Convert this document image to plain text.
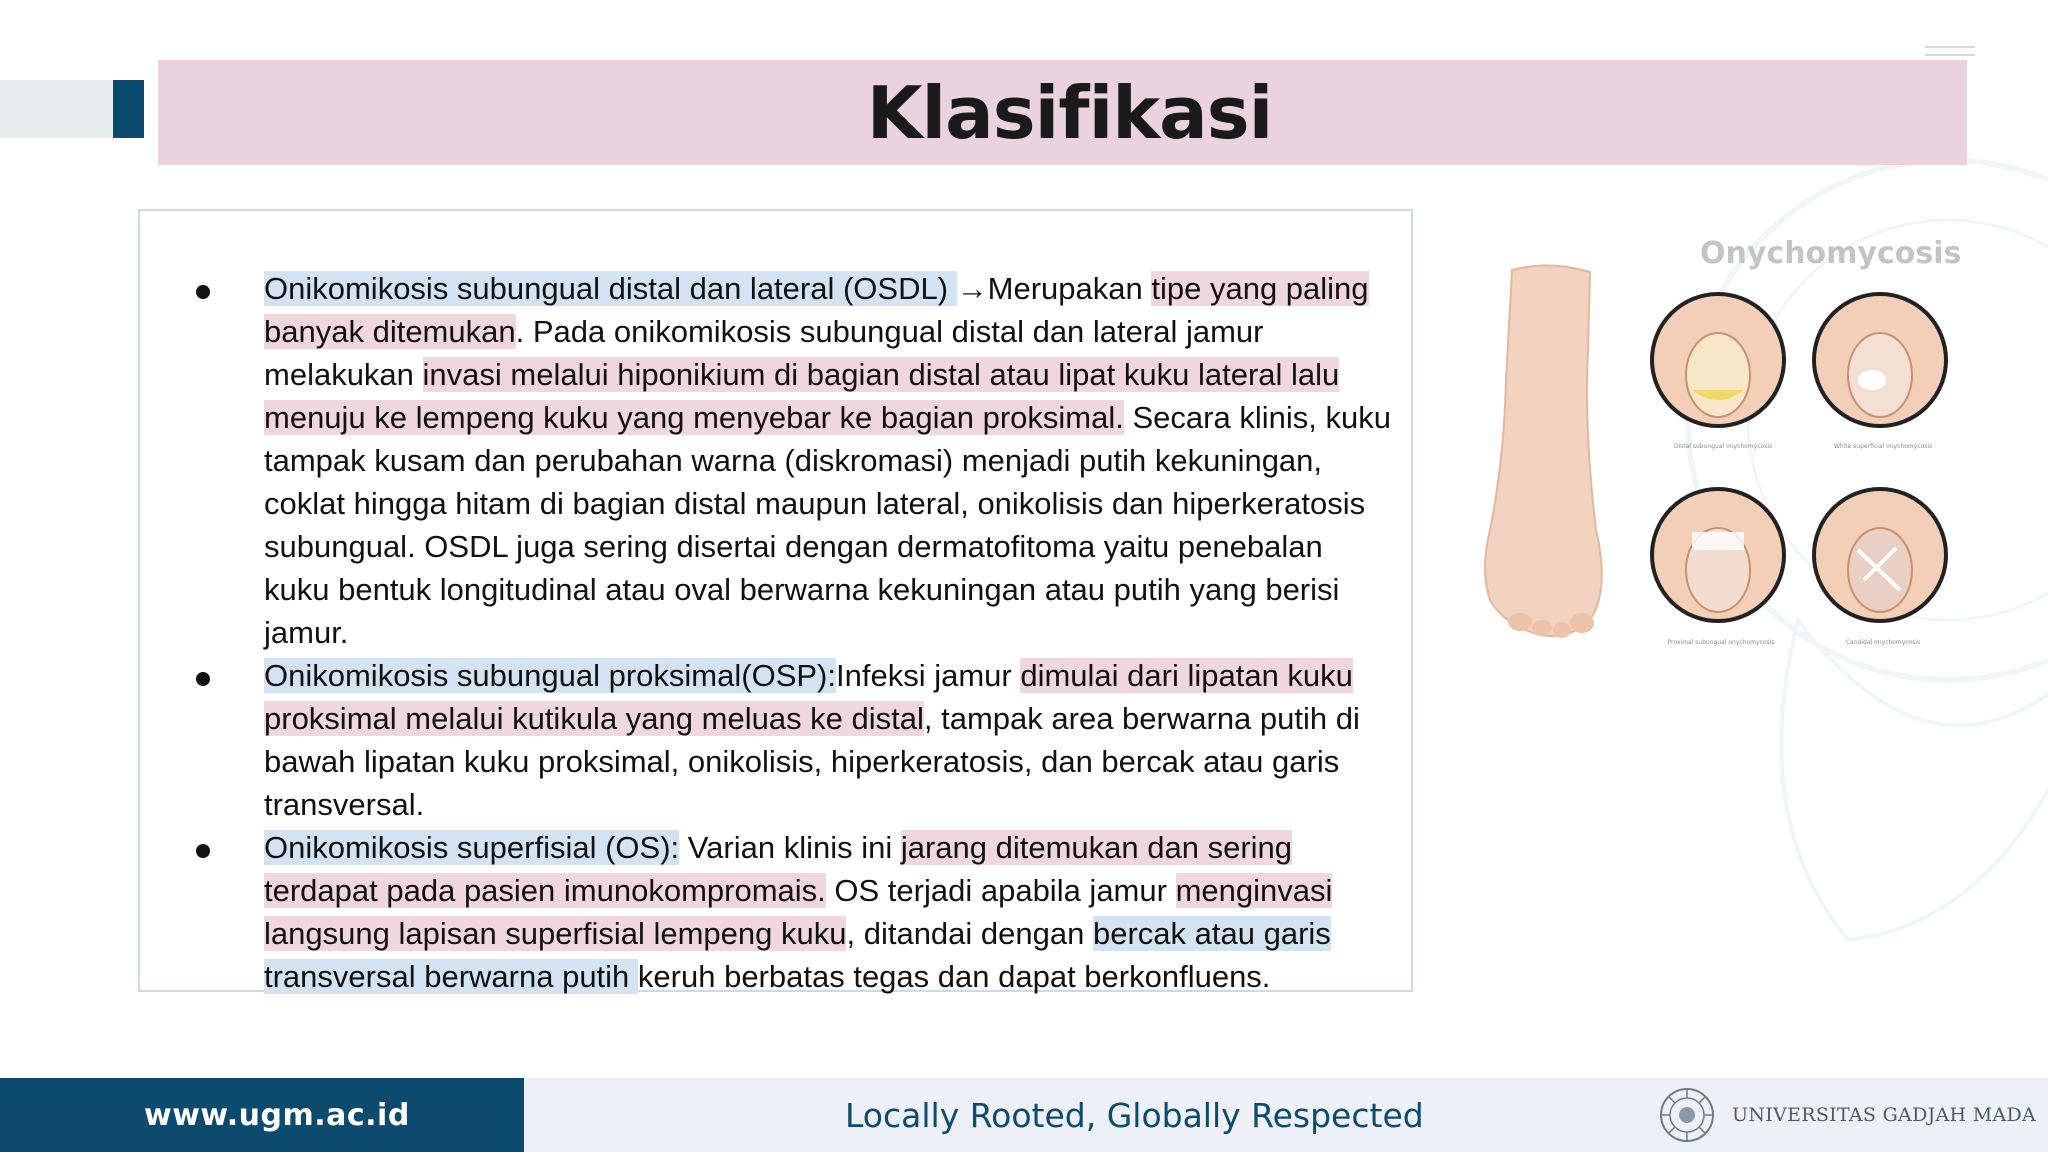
Klasifikasi

Onikomikosis subungual distal dan lateral (OSDL) →Merupakan tipe yang paling banyak ditemukan. Pada onikomikosis subungual distal dan lateral jamur melakukan invasi melalui hiponikium di bagian distal atau lipat kuku lateral lalu menuju ke lempeng kuku yang menyebar ke bagian proksimal. Secara klinis, kuku tampak kusam dan perubahan warna (diskromasi) menjadi putih kekuningan, coklat hingga hitam di bagian distal maupun lateral, onikolisis dan hiperkeratosis subungual. OSDL juga sering disertai dengan dermatofitoma yaitu penebalan kuku bentuk longitudinal atau oval berwarna kekuningan atau putih yang berisi jamur.

Onikomikosis subungual proksimal(OSP):Infeksi jamur dimulai dari lipatan kuku proksimal melalui kutikula yang meluas ke distal, tampak area berwarna putih di bawah lipatan kuku proksimal, onikolisis, hiperkeratosis, dan bercak atau garis transversal.

Onikomikosis superfisial (OS): Varian klinis ini jarang ditemukan dan sering terdapat pada pasien imunokompromais. OS terjadi apabila jamur menginvasi langsung lapisan superfisial lempeng kuku, ditandai dengan bercak atau garis transversal berwarna putih keruh berbatas tegas dan dapat berkonfluens.

Onychomycosis
Distal subungual onychomycosis	White superficial onychomycosis
Proximal subungual onychomycosis	Candidal onychomycosis
www.ugm.ac.id	Locally Rooted, Globally Respected	UNIVERSITAS GADJAH MADA
